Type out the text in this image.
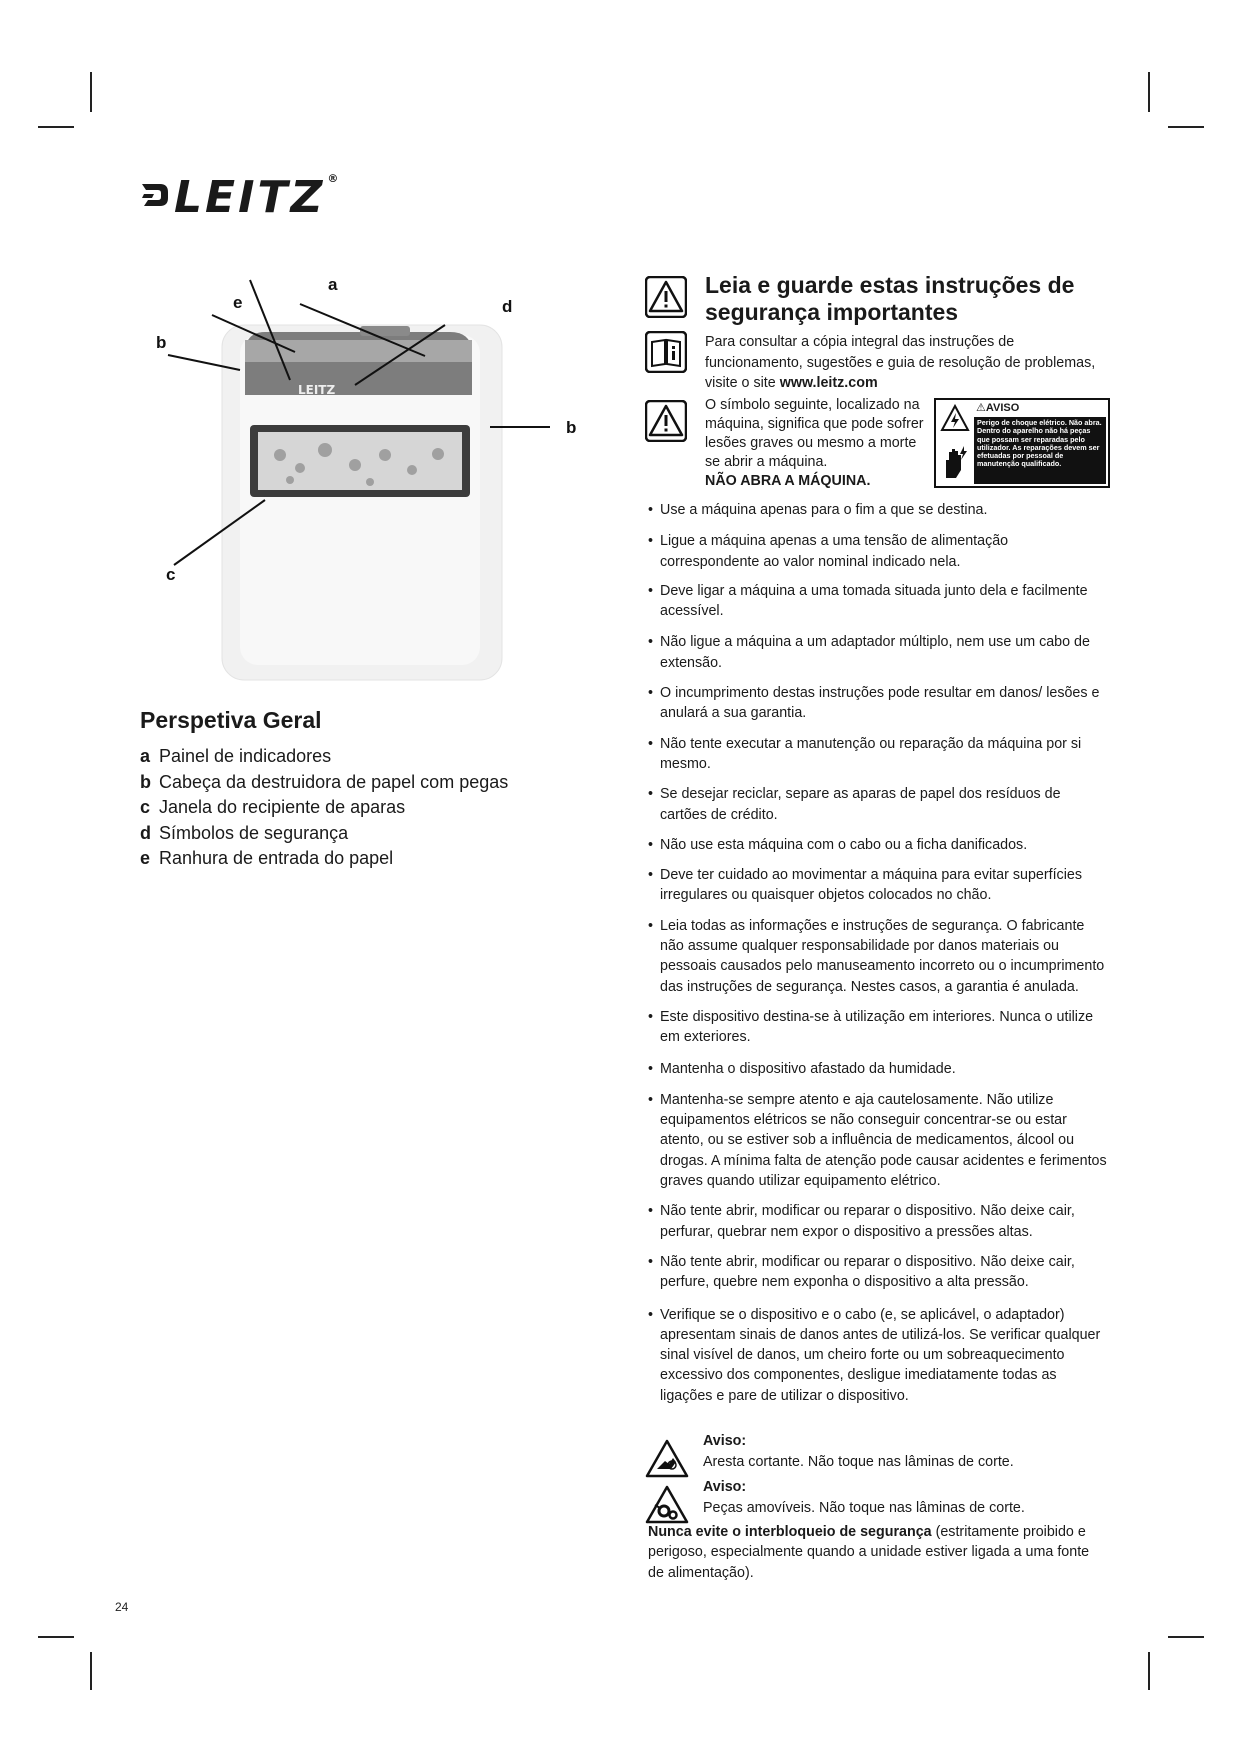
LEITZ ®
LEITZ
a
e	d
b
b
c
Perspetiva Geral
a Painel de indicadores
b Cabeça da destruidora de papel com pegas
c Janela do recipiente de aparas
d Símbolos de segurança
e Ranhura de entrada do papel
Leia e guarde estas instruções de segurança importantes

Para consultar a cópia integral das instruções de funcionamento, sugestões e guia de resolução de problemas, visite o site www.leitz.com

O símbolo seguinte, localizado na máquina, significa que pode sofrer lesões graves ou mesmo a morte se abrir a máquina.
NÃO ABRA A MÁQUINA.

⚠AVISO
Perigo de choque elétrico. Não abra. Dentro do aparelho não há peças que possam ser reparadas pelo utilizador. As reparações devem ser efetuadas por pessoal de manutenção qualificado.
• Use a máquina apenas para o fim a que se destina.
• Ligue a máquina apenas a uma tensão de alimentação correspondente ao valor nominal indicado nela.
• Deve ligar a máquina a uma tomada situada junto dela e facilmente acessível.
• Não ligue a máquina a um adaptador múltiplo, nem use um cabo de extensão.
• O incumprimento destas instruções pode resultar em danos/ lesões e anulará a sua garantia.
• Não tente executar a manutenção ou reparação da máquina por si mesmo.
• Se desejar reciclar, separe as aparas de papel dos resíduos de cartões de crédito.
• Não use esta máquina com o cabo ou a ficha danificados.
• Deve ter cuidado ao movimentar a máquina para evitar superfícies irregulares ou quaisquer objetos colocados no chão.
• Leia todas as informações e instruções de segurança. O fabricante não assume qualquer responsabilidade por danos materiais ou pessoais causados pelo manuseamento incorreto ou o incumprimento das instruções de segurança. Nestes casos, a garantia é anulada.
• Este dispositivo destina-se à utilização em interiores. Nunca o utilize em exteriores.
• Mantenha o dispositivo afastado da humidade.
• Mantenha-se sempre atento e aja cautelosamente. Não utilize equipamentos elétricos se não conseguir concentrar-se ou estar atento, ou se estiver sob a influência de medicamentos, álcool ou drogas. A mínima falta de atenção pode causar acidentes e ferimentos graves quando utilizar equipamento elétrico.
• Não tente abrir, modificar ou reparar o dispositivo. Não deixe cair, perfurar, quebrar nem expor o dispositivo a pressões altas.
• Não tente abrir, modificar ou reparar o dispositivo. Não deixe cair, perfure, quebre nem exponha o dispositivo a alta pressão.
• Verifique se o dispositivo e o cabo (e, se aplicável, o adaptador) apresentam sinais de danos antes de utilizá-los. Se verificar qualquer sinal visível de danos, um cheiro forte ou um sobreaquecimento excessivo dos componentes, desligue imediatamente todas as ligações e pare de utilizar o dispositivo.
Aviso:
Aresta cortante. Não toque nas lâminas de corte.
Aviso:
Peças amovíveis. Não toque nas lâminas de corte.

Nunca evite o interbloqueio de segurança (estritamente proibido e perigoso, especialmente quando a unidade estiver ligada a uma fonte de alimentação).

24
